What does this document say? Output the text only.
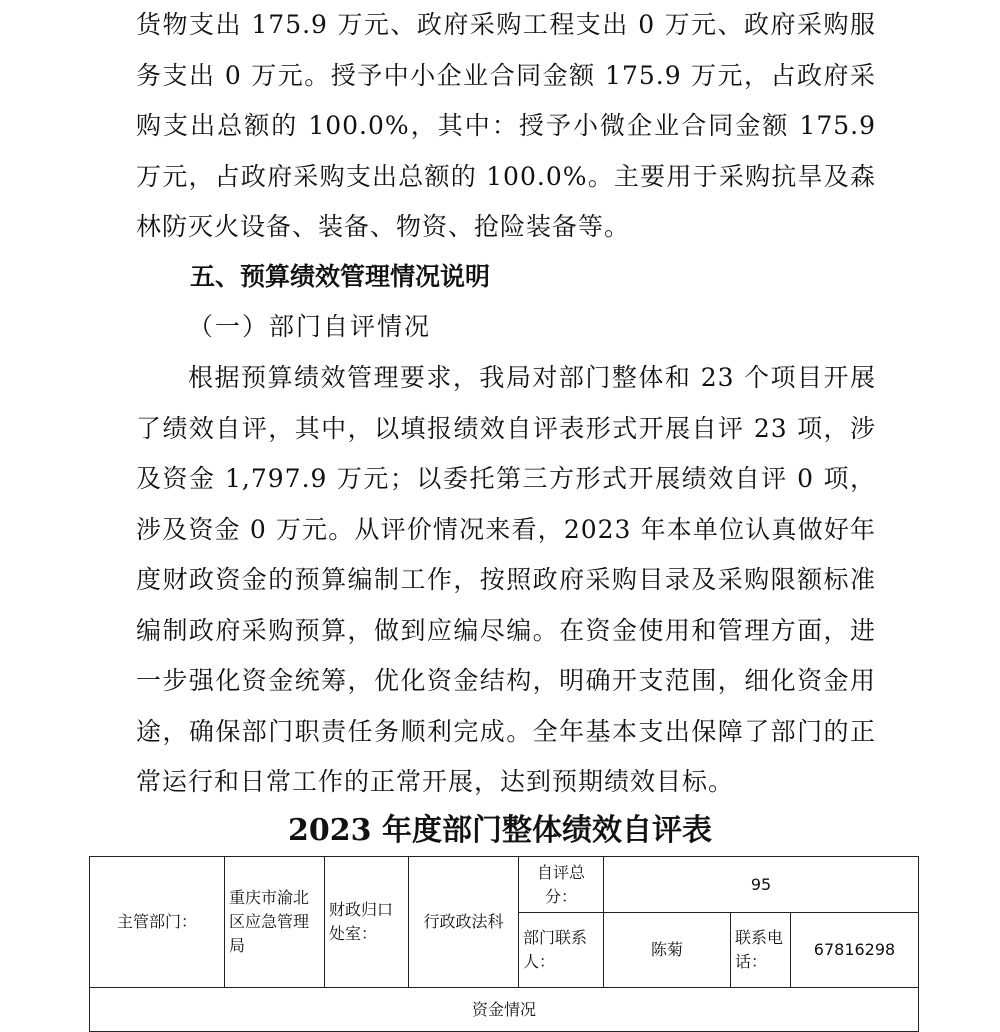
货物支出 175.9 万元、政府采购工程支出 0 万元、政府采购服务支出 0 万元。授予中小企业合同金额 175.9 万元，占政府采购支出总额的 100.0%，其中：授予小微企业合同金额 175.9 万元，占政府采购支出总额的 100.0%。主要用于采购抗旱及森林防灭火设备、装备、物资、抢险装备等。

五、预算绩效管理情况说明

（一）部门自评情况

根据预算绩效管理要求，我局对部门整体和 23 个项目开展了绩效自评，其中，以填报绩效自评表形式开展自评 23 项，涉及资金 1,797.9 万元；以委托第三方形式开展绩效自评 0 项，涉及资金 0 万元。从评价情况来看，2023 年本单位认真做好年度财政资金的预算编制工作，按照政府采购目录及采购限额标准编制政府采购预算，做到应编尽编。在资金使用和管理方面，进一步强化资金统筹，优化资金结构，明确开支范围，细化资金用途，确保部门职责任务顺利完成。全年基本支出保障了部门的正常运行和日常工作的正常开展，达到预期绩效目标。

2023 年度部门整体绩效自评表

主管部门：	重庆市渝北区应急管理局	财政归口处室：	行政政法科	自评总分：	95		
				部门联系人：	陈菊	联系电话：	67816298
资金情况							
